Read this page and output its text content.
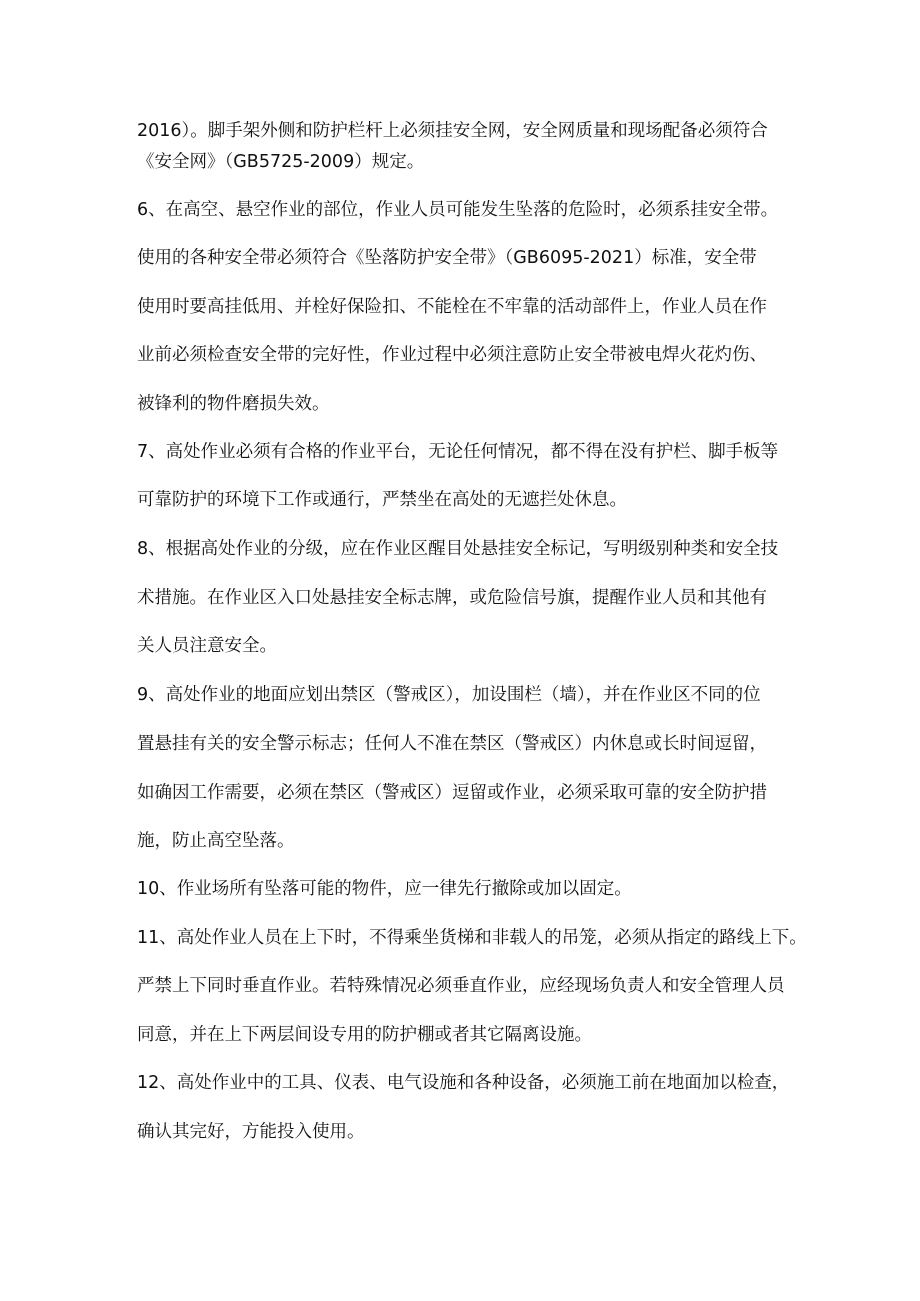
2016）。脚手架外侧和防护栏杆上必须挂安全网，安全网质量和现场配备必须符合
《安全网》（GB5725-2009）规定。
6、在高空、悬空作业的部位，作业人员可能发生坠落的危险时，必须系挂安全带。
使用的各种安全带必须符合《坠落防护安全带》（GB6095-2021）标准，安全带
使用时要高挂低用、并栓好保险扣、不能栓在不牢靠的活动部件上，作业人员在作
业前必须检查安全带的完好性，作业过程中必须注意防止安全带被电焊火花灼伤、
被锋利的物件磨损失效。
7、高处作业必须有合格的作业平台，无论任何情况，都不得在没有护栏、脚手板等
可靠防护的环境下工作或通行，严禁坐在高处的无遮拦处休息。
8、根据高处作业的分级，应在作业区醒目处悬挂安全标记，写明级别种类和安全技
术措施。在作业区入口处悬挂安全标志牌，或危险信号旗，提醒作业人员和其他有
关人员注意安全。
9、高处作业的地面应划出禁区（警戒区），加设围栏（墙），并在作业区不同的位
置悬挂有关的安全警示标志；任何人不准在禁区（警戒区）内休息或长时间逗留，
如确因工作需要，必须在禁区（警戒区）逗留或作业，必须采取可靠的安全防护措
施，防止高空坠落。
10、作业场所有坠落可能的物件，应一律先行撤除或加以固定。
11、高处作业人员在上下时，不得乘坐货梯和非载人的吊笼，必须从指定的路线上下。
严禁上下同时垂直作业。若特殊情况必须垂直作业，应经现场负责人和安全管理人员
同意，并在上下两层间设专用的防护棚或者其它隔离设施。
12、高处作业中的工具、仪表、电气设施和各种设备，必须施工前在地面加以检查，
确认其完好，方能投入使用。
